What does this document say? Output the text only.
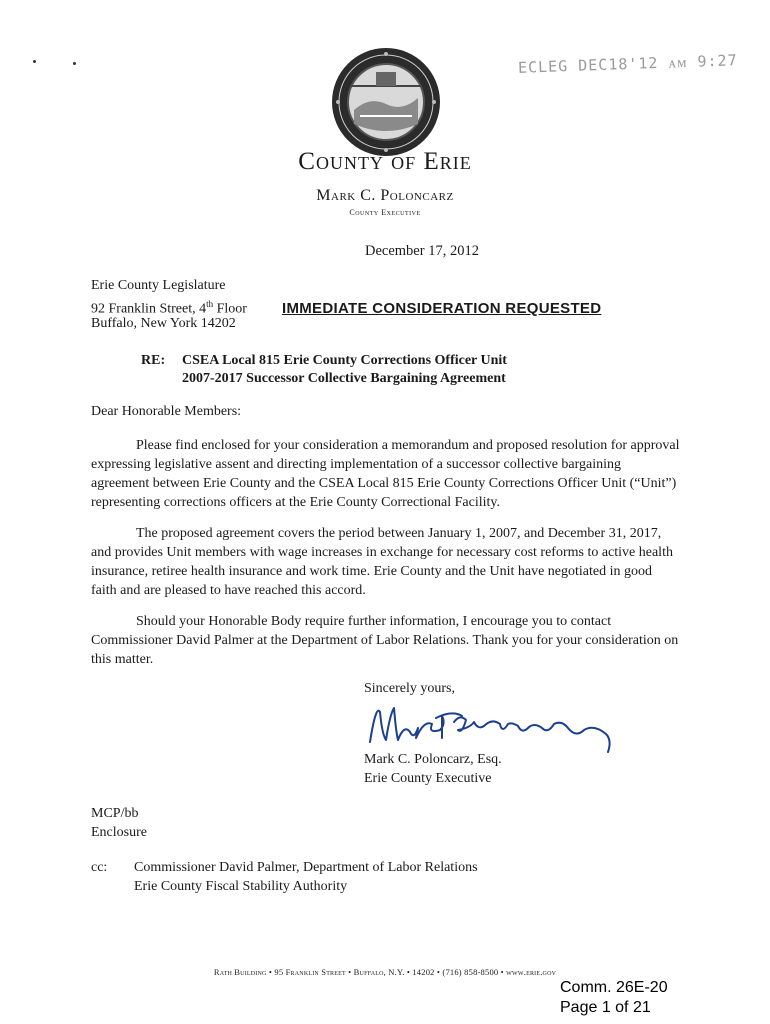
ECLEG DEC18'12 ᴀᴍ 9:27
County of Erie
Mark C. Poloncarz
County Executive
December 17, 2012
Erie County Legislature
92 Franklin Street, 4th Floor
Buffalo, New York 14202
IMMEDIATE CONSIDERATION REQUESTED
RE: CSEA Local 815 Erie County Corrections Officer Unit
2007-2017 Successor Collective Bargaining Agreement
Dear Honorable Members:

Please find enclosed for your consideration a memorandum and proposed resolution for approval expressing legislative assent and directing implementation of a successor collective bargaining agreement between Erie County and the CSEA Local 815 Erie County Corrections Officer Unit (“Unit”) representing corrections officers at the Erie County Correctional Facility.

The proposed agreement covers the period between January 1, 2007, and December 31, 2017, and provides Unit members with wage increases in exchange for necessary cost reforms to active health insurance, retiree health insurance and work time. Erie County and the Unit have negotiated in good faith and are pleased to have reached this accord.

Should your Honorable Body require further information, I encourage you to contact Commissioner David Palmer at the Department of Labor Relations. Thank you for your consideration on this matter.

Sincerely yours,
Mark C. Poloncarz, Esq.
Erie County Executive
MCP/bb
Enclosure
cc: Commissioner David Palmer, Department of Labor Relations
Erie County Fiscal Stability Authority
Rath Building • 95 Franklin Street • Buffalo, N.Y. • 14202 • (716) 858-8500 • www.erie.gov
Comm. 26E-20
Page 1 of 21
